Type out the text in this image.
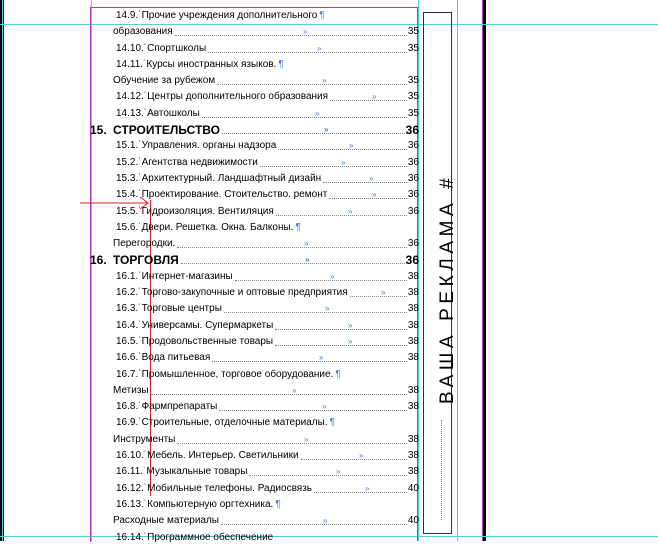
14.9.˙Прочие учреждения дополнительного ¶
образования	35
»
14.10.˙Спортшколы	35
»
14.11.˙Курсы иностранных языков. ¶
Обучение за рубежом	35
»
14.12.˙Центры дополнительного образования	35
»
14.13.˙Автошколы	35
»
15. СТРОИТЕЛЬСТВО	36
»
15.1.˙Управления. органы надзора	36
»
15.2.˙Агентства недвижимости	36
»
15.3.˙Архитектурный. Ландшафтный дизайн	36
»
15.4.˙Проектирование. Стоительство. ремонт	36
»
15.5.˙Гидроизоляция. Вентиляция	36
»
15.6.˙Двери. Решетка. Окна. Балконы. ¶
Перегородки.	36
»
16. ТОРГОВЛЯ	36
»
16.1.˙Интернет-магазины	38
»
16.2.˙Торгово-закупочные и оптовые предприятия	38
»
16.3.˙Торговые центры	38
»
16.4.˙Универсамы. Супермаркеты	38
»
16.5.˙Продовольственные товары	38
»
16.6.˙Вода питьевая	38
»
16.7.˙Промышленное, торговое оборудование. ¶
Метизы	38
»
16.8.˙Фармпрепараты	38
»
16.9.˙Строительные, отделочные материалы. ¶
Инструменты	38
»
16.10.˙Мебель. Интерьер. Светильники	38
»
16.11.˙Музыкальные товары	38
»
16.12.˙Мобильные телефоны. Радиосвязь	40
»
16.13.˙Компьютерную оргтехника. ¶
Расходные материалы	40
»
16.14.˙Программное обеспечение
ВАША РЕКЛАМА #
